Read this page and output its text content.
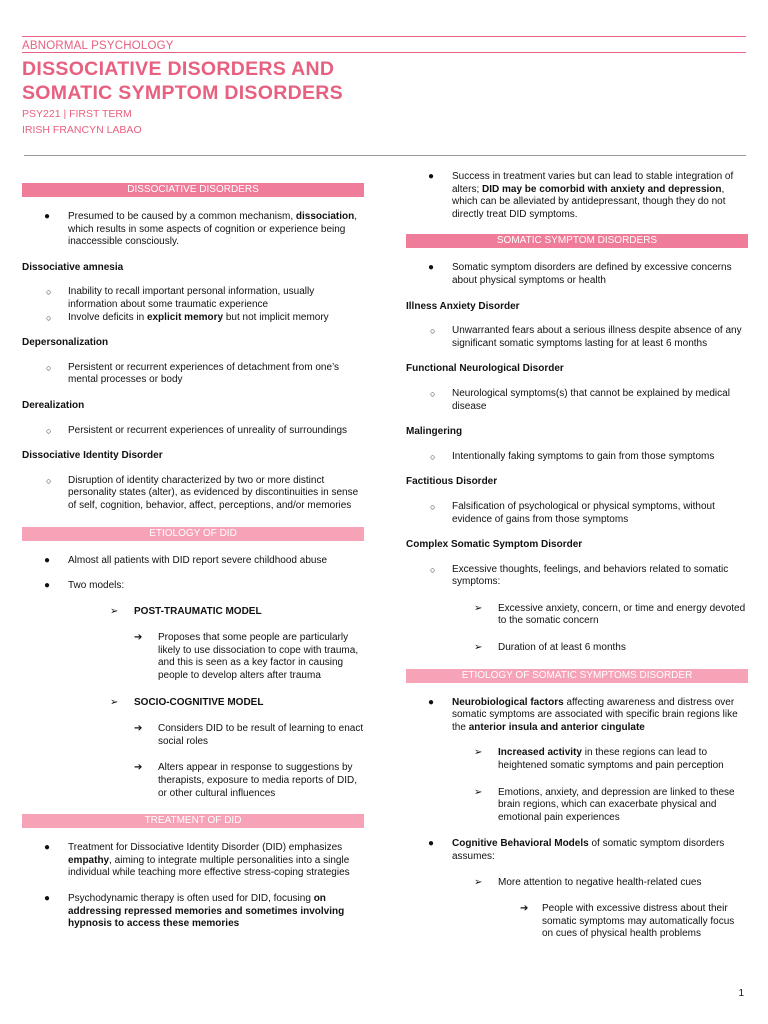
ABNORMAL PSYCHOLOGY
DISSOCIATIVE DISORDERS AND
SOMATIC SYMPTOM DISORDERS
PSY221 | FIRST TERM
IRISH FRANCYN LABAO
DISSOCIATIVE DISORDERS
●	Presumed to be caused by a common mechanism, dissociation, which results in some aspects of cognition or experience being inaccessible consciously.
Dissociative amnesia
○ Inability to recall important personal information, usually information about some traumatic experience
○ Involve deficits in explicit memory but not implicit memory
Depersonalization
○ Persistent or recurrent experiences of detachment from one’s mental processes or body
Derealization
○ Persistent or recurrent experiences of unreality of surroundings
Dissociative Identity Disorder
○ Disruption of identity characterized by two or more distinct personality states (alter), as evidenced by discontinuities in sense of self, cognition, behavior, affect, perceptions, and/or memories
ETIOLOGY OF DID
●	Almost all patients with DID report severe childhood abuse
●	Two models:
➢ POST-TRAUMATIC MODEL
➔ Proposes that some people are particularly likely to use dissociation to cope with trauma, and this is seen as a key factor in causing people to develop alters after trauma
➢ SOCIO-COGNITIVE MODEL
➔ Considers DID to be result of learning to enact social roles
➔ Alters appear in response to suggestions by therapists, exposure to media reports of DID, or other cultural influences
TREATMENT OF DID
●	Treatment for Dissociative Identity Disorder (DID) emphasizes empathy, aiming to integrate multiple personalities into a single individual while teaching more effective stress-coping strategies
●	Psychodynamic therapy is often used for DID, focusing on addressing repressed memories and sometimes involving hypnosis to access these memories
●	Success in treatment varies but can lead to stable integration of alters; DID may be comorbid with anxiety and depression, which can be alleviated by antidepressant, though they do not directly treat DID symptoms.
SOMATIC SYMPTOM DISORDERS
●	Somatic symptom disorders are defined by excessive concerns about physical symptoms or health
Illness Anxiety Disorder
○ Unwarranted fears about a serious illness despite absence of any significant somatic symptoms lasting for at least 6 months
Functional Neurological Disorder
○ Neurological symptoms(s) that cannot be explained by medical disease
Malingering
○ Intentionally faking symptoms to gain from those symptoms
Factitious Disorder
○ Falsification of psychological or physical symptoms, without evidence of gains from those symptoms
Complex Somatic Symptom Disorder
○ Excessive thoughts, feelings, and behaviors related to somatic symptoms:
➢ Excessive anxiety, concern, or time and energy devoted to the somatic concern
➢ Duration of at least 6 months
ETIOLOGY OF SOMATIC SYMPTOMS DISORDER
●	Neurobiological factors affecting awareness and distress over somatic symptoms are associated with specific brain regions like the anterior insula and anterior cingulate
➢ Increased activity in these regions can lead to heightened somatic symptoms and pain perception
➢ Emotions, anxiety, and depression are linked to these brain regions, which can exacerbate physical and emotional pain experiences
●	Cognitive Behavioral Models of somatic symptom disorders assumes:
➢ More attention to negative health-related cues
➔ People with excessive distress about their somatic symptoms may automatically focus on cues of physical health problems
1
